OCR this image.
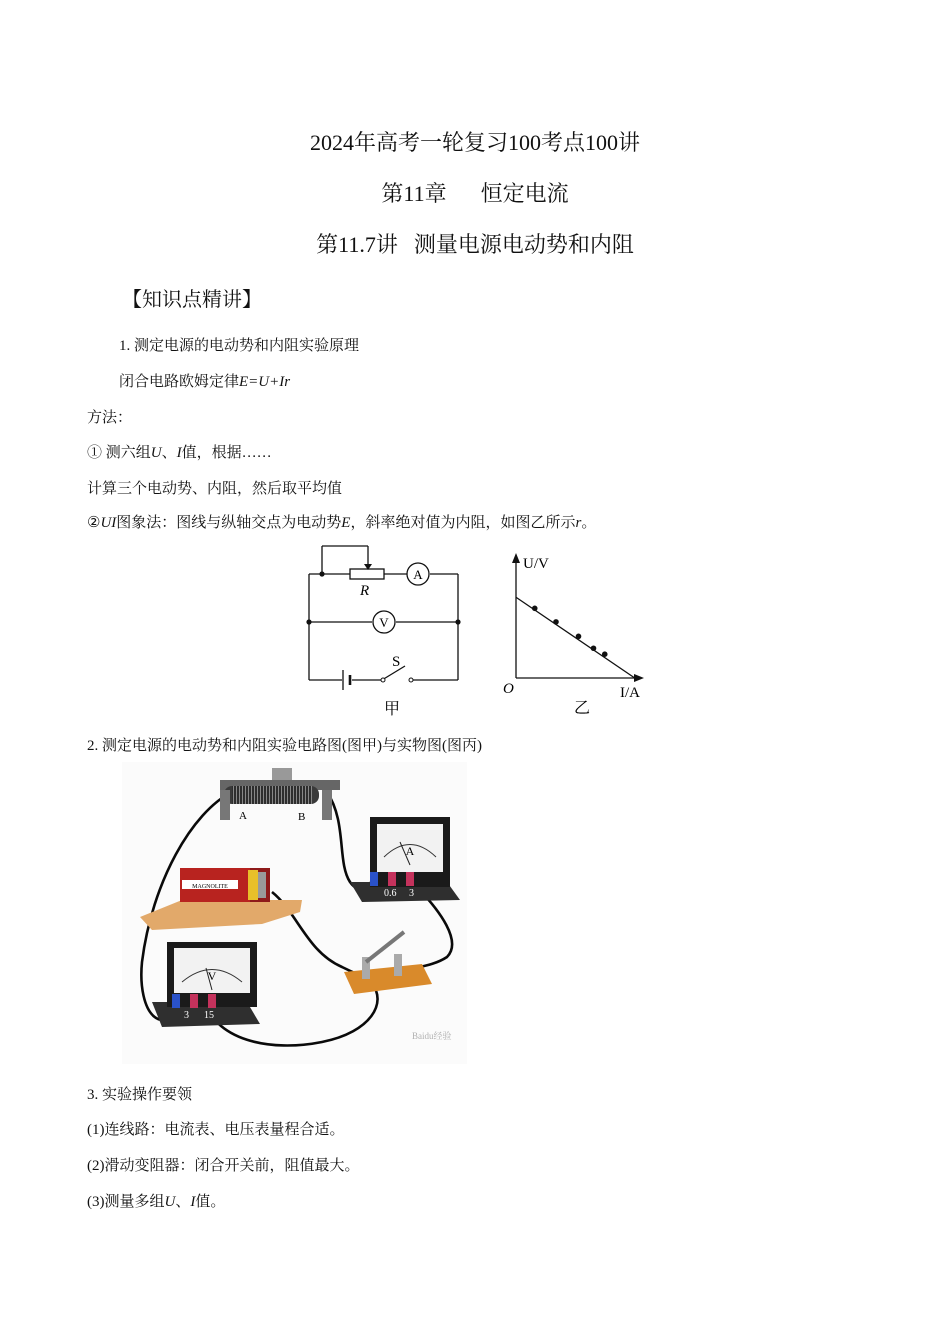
2024年高考一轮复习100考点100讲
第11章 恒定电流
第11.7讲 测量电源电动势和内阻
【知识点精讲】
1. 测定电源的电动势和内阻实验原理
闭合电路欧姆定律E=U+Ir
方法：
① 测六组U、I值，根据……
计算三个电动势、内阻，然后取平均值
②UI图象法：图线与纵轴交点为电动势E，斜率绝对值为内阻，如图乙所示r。
A
V
R
S
甲
U/V
I/A
O
乙
2. 测定电源的电动势和内阻实验电路图(图甲)与实物图(图丙)
A	B
MAGNOLITE
A
0.6 3
V
3 15
Baidu经验
3. 实验操作要领
(1)连线路：电流表、电压表量程合适。
(2)滑动变阻器：闭合开关前，阻值最大。
(3)测量多组U、I值。
